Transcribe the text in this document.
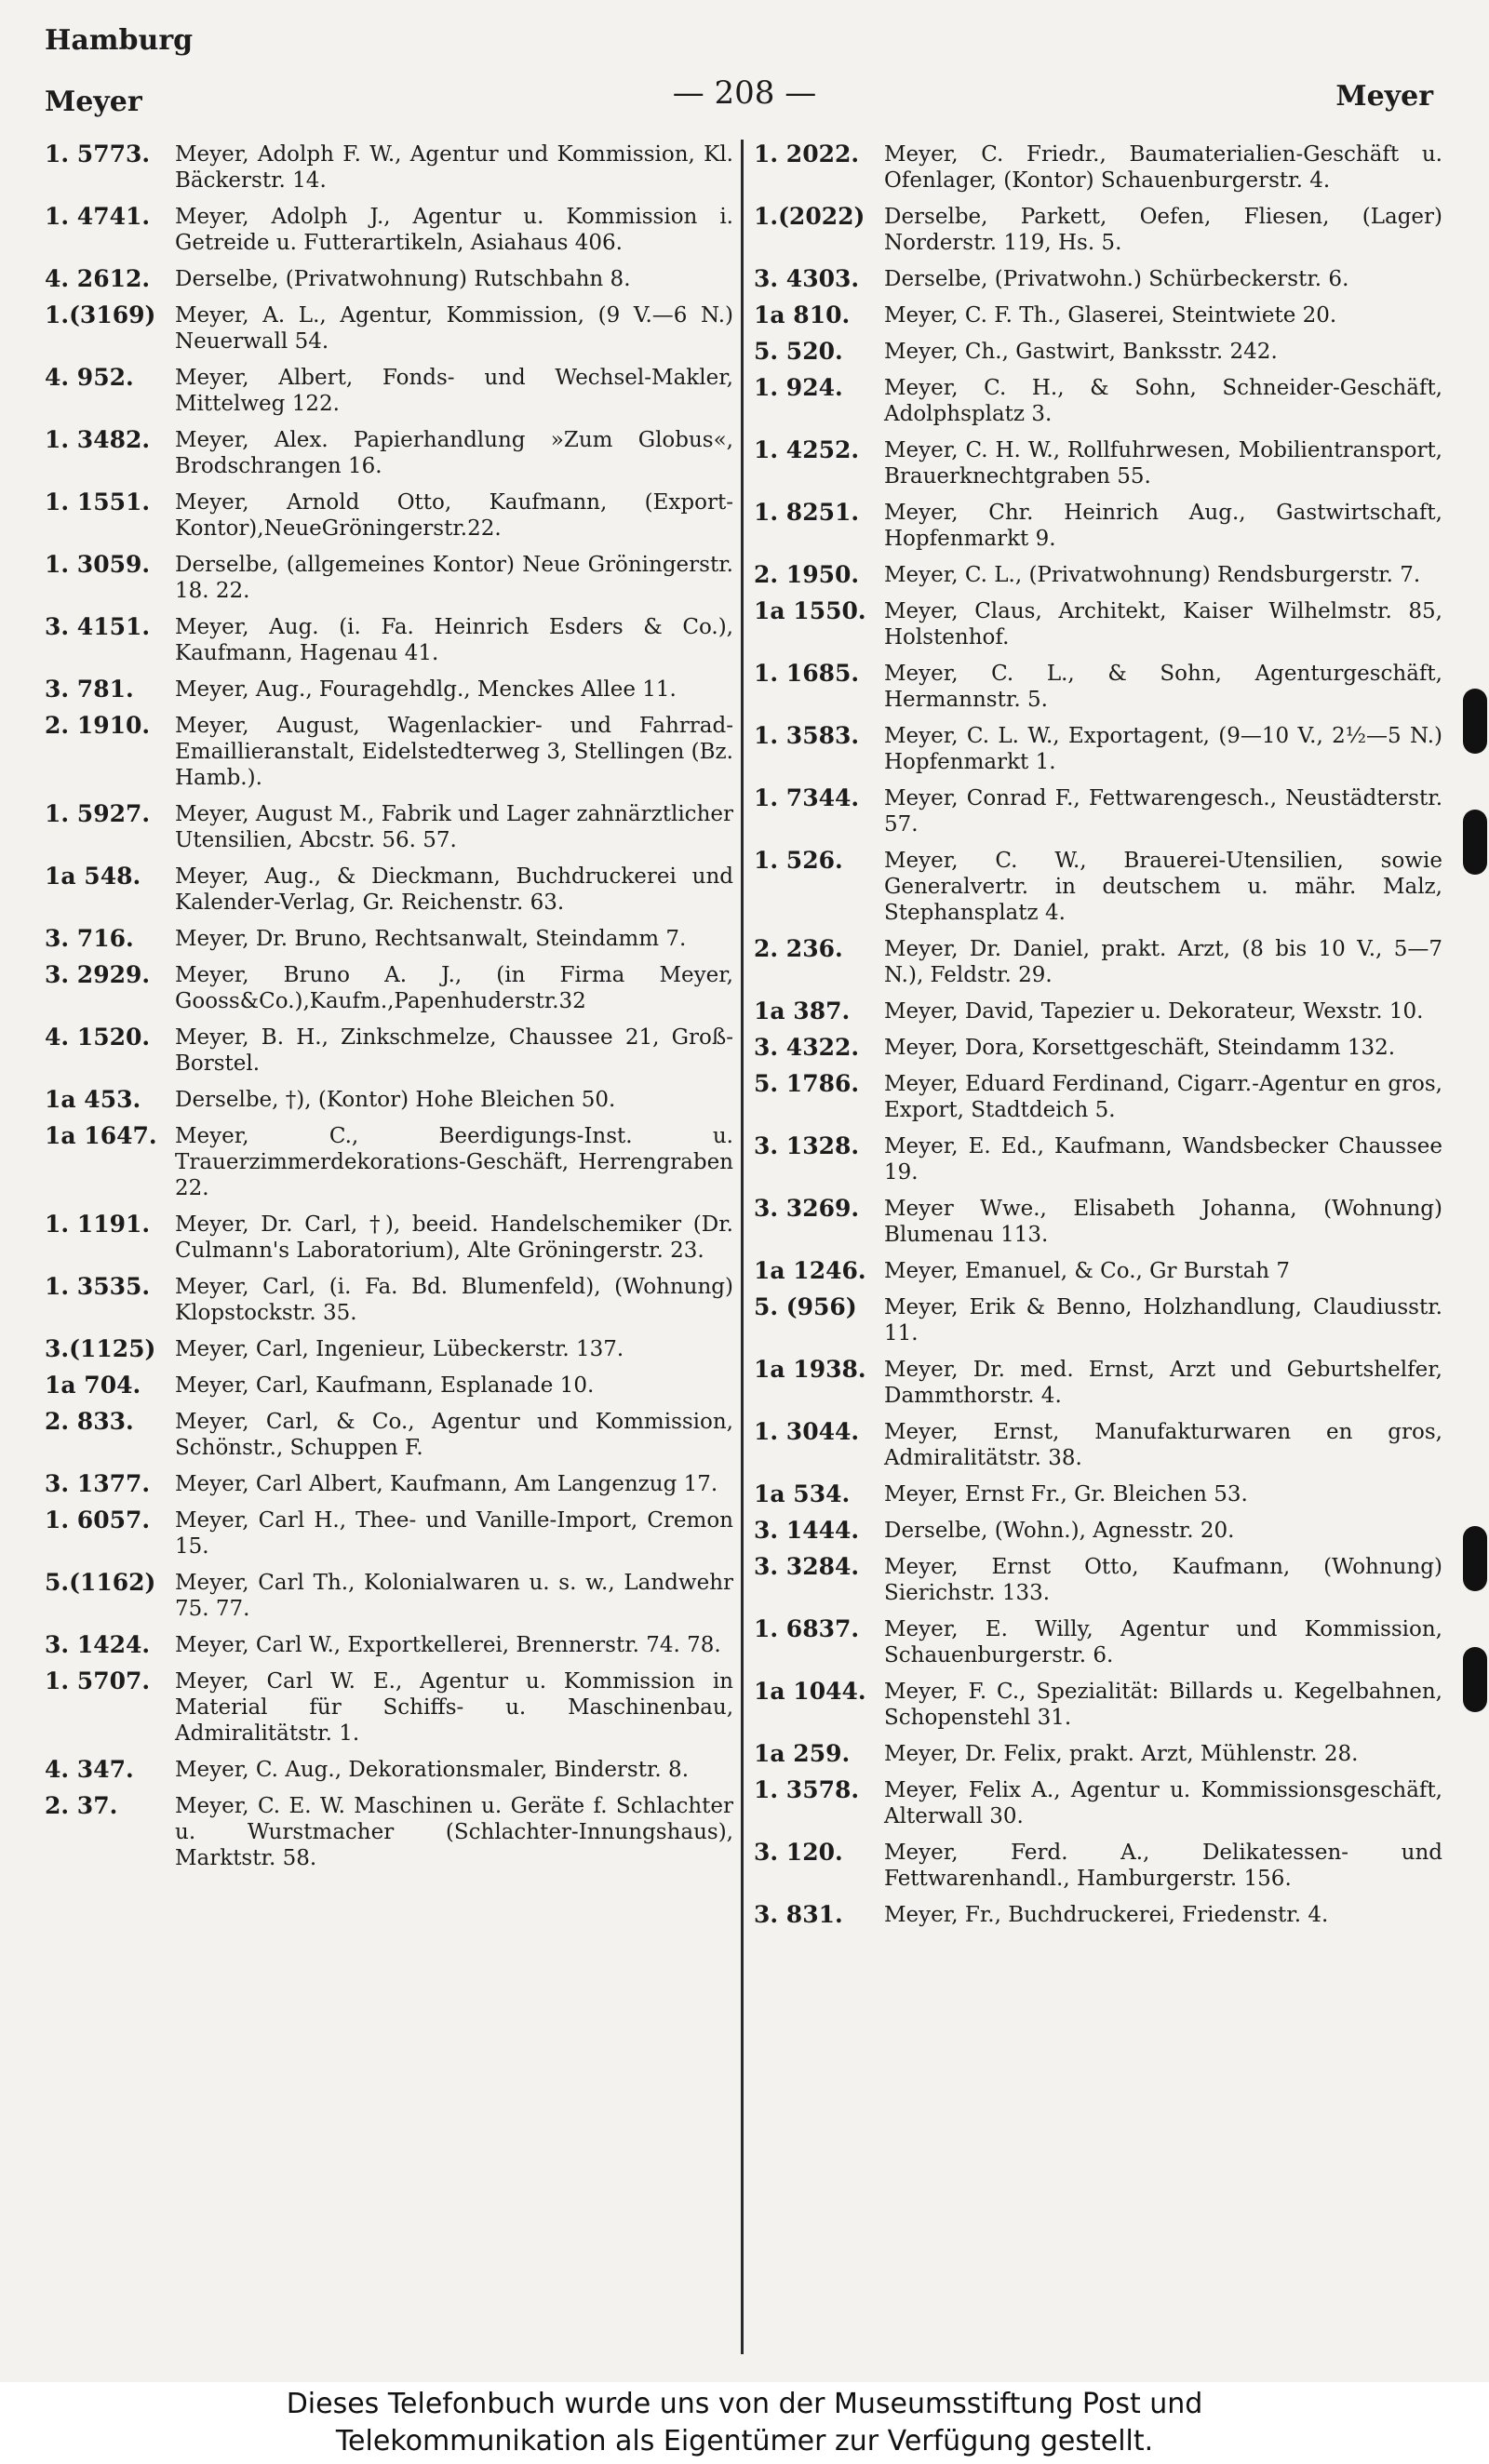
Hamburg
Meyer	— 208 —	Meyer
1. 5773.	Meyer, Adolph F. W., Agentur und Kommission, Kl. Bäckerstr. 14.
1. 4741.	Meyer, Adolph J., Agentur u. Kommission i. Getreide u. Futterartikeln, Asiahaus 406.
4. 2612.	Derselbe, (Privatwohnung) Rutschbahn 8.
1.(3169) Meyer, A. L., Agentur, Kommission, (9 V.—6 N.) Neuerwall 54.
4. 952.	Meyer, Albert, Fonds- und Wechsel-Makler, Mittelweg 122.
1. 3482.	Meyer, Alex. Papierhandlung »Zum Globus«, Brodschrangen 16.
1. 1551.	Meyer, Arnold Otto, Kaufmann, (Export-Kontor),NeueGröningerstr.22.
1. 3059.	Derselbe, (allgemeines Kontor) Neue Gröningerstr. 18. 22.
3. 4151.	Meyer, Aug. (i. Fa. Heinrich Esders & Co.), Kaufmann, Hagenau 41.
3. 781.	Meyer, Aug., Fouragehdlg., Menckes Allee 11.
2. 1910.	Meyer, August, Wagenlackier- und Fahrrad-Emaillieranstalt, Eidelstedterweg 3, Stellingen (Bz. Hamb.).
1. 5927.	Meyer, August M., Fabrik und Lager zahnärztlicher Utensilien, Abcstr. 56. 57.
1a 548.	Meyer, Aug., & Dieckmann, Buchdruckerei und Kalender-Verlag, Gr. Reichenstr. 63.
3. 716.	Meyer, Dr. Bruno, Rechtsanwalt, Steindamm 7.
3. 2929.	Meyer, Bruno A. J., (in Firma Meyer, Gooss&Co.),Kaufm.,Papenhuderstr.32
4. 1520.	Meyer, B. H., Zinkschmelze, Chaussee 21, Groß-Borstel.
1a 453.	Derselbe, †), (Kontor) Hohe Bleichen 50.
1a 1647. Meyer, C., Beerdigungs-Inst. u. Trauerzimmerdekorations-Geschäft, Herrengraben 22.
1. 1191.	Meyer, Dr. Carl, †), beeid. Handelschemiker (Dr. Culmann's Laboratorium), Alte Gröningerstr. 23.
1. 3535.	Meyer, Carl, (i. Fa. Bd. Blumenfeld), (Wohnung) Klopstockstr. 35.
3.(1125) Meyer, Carl, Ingenieur, Lübeckerstr. 137.
1a 704.	Meyer, Carl, Kaufmann, Esplanade 10.
2. 833.	Meyer, Carl, & Co., Agentur und Kommission, Schönstr., Schuppen F.
3. 1377.	Meyer, Carl Albert, Kaufmann, Am Langenzug 17.
1. 6057.	Meyer, Carl H., Thee- und Vanille-Import, Cremon 15.
5.(1162) Meyer, Carl Th., Kolonialwaren u. s. w., Landwehr 75. 77.
3. 1424.	Meyer, Carl W., Exportkellerei, Brennerstr. 74. 78.
1. 5707.	Meyer, Carl W. E., Agentur u. Kommission in Material für Schiffs- u. Maschinenbau, Admiralitätstr. 1.
4. 347.	Meyer, C. Aug., Dekorationsmaler, Binderstr. 8.
2. 37.	Meyer, C. E. W. Maschinen u. Geräte f. Schlachter u. Wurstmacher (Schlachter-Innungshaus), Marktstr. 58.
1. 2022.	Meyer, C. Friedr., Baumaterialien-Geschäft u. Ofenlager, (Kontor) Schauenburgerstr. 4.
1.(2022) Derselbe, Parkett, Oefen, Fliesen, (Lager) Norderstr. 119, Hs. 5.
3. 4303.	Derselbe, (Privatwohn.) Schürbeckerstr. 6.
1a 810.	Meyer, C. F. Th., Glaserei, Steintwiete 20.
5. 520.	Meyer, Ch., Gastwirt, Banksstr. 242.
1. 924.	Meyer, C. H., & Sohn, Schneider-Geschäft, Adolphsplatz 3.
1. 4252.	Meyer, C. H. W., Rollfuhrwesen, Mobilientransport, Brauerknechtgraben 55.
1. 8251.	Meyer, Chr. Heinrich Aug., Gastwirtschaft, Hopfenmarkt 9.
2. 1950.	Meyer, C. L., (Privatwohnung) Rendsburgerstr. 7.
1a 1550. Meyer, Claus, Architekt, Kaiser Wilhelmstr. 85, Holstenhof.
1. 1685.	Meyer, C. L., & Sohn, Agenturgeschäft, Hermannstr. 5.
1. 3583.	Meyer, C. L. W., Exportagent, (9—10 V., 2½—5 N.) Hopfenmarkt 1.
1. 7344.	Meyer, Conrad F., Fettwarengesch., Neustädterstr. 57.
1. 526.	Meyer, C. W., Brauerei-Utensilien, sowie Generalvertr. in deutschem u. mähr. Malz, Stephansplatz 4.
2. 236.	Meyer, Dr. Daniel, prakt. Arzt, (8 bis 10 V., 5—7 N.), Feldstr. 29.
1a 387.	Meyer, David, Tapezier u. Dekorateur, Wexstr. 10.
3. 4322.	Meyer, Dora, Korsettgeschäft, Steindamm 132.
5. 1786.	Meyer, Eduard Ferdinand, Cigarr.-Agentur en gros, Export, Stadtdeich 5.
3. 1328.	Meyer, E. Ed., Kaufmann, Wandsbecker Chaussee 19.
3. 3269.	Meyer Wwe., Elisabeth Johanna, (Wohnung) Blumenau 113.
1a 1246. Meyer, Emanuel, & Co., Gr Burstah 7
5. (956)	Meyer, Erik & Benno, Holzhandlung, Claudiusstr. 11.
1a 1938. Meyer, Dr. med. Ernst, Arzt und Geburtshelfer, Dammthorstr. 4.
1. 3044.	Meyer, Ernst, Manufakturwaren en gros, Admiralitätstr. 38.
1a 534.	Meyer, Ernst Fr., Gr. Bleichen 53.
3. 1444.	Derselbe, (Wohn.), Agnesstr. 20.
3. 3284.	Meyer, Ernst Otto, Kaufmann, (Wohnung) Sierichstr. 133.
1. 6837.	Meyer, E. Willy, Agentur und Kommission, Schauenburgerstr. 6.
1a 1044. Meyer, F. C., Spezialität: Billards u. Kegelbahnen, Schopenstehl 31.
1a 259.	Meyer, Dr. Felix, prakt. Arzt, Mühlenstr. 28.
1. 3578.	Meyer, Felix A., Agentur u. Kommissionsgeschäft, Alterwall 30.
3. 120.	Meyer, Ferd. A., Delikatessen- und Fettwarenhandl., Hamburgerstr. 156.
3. 831.	Meyer, Fr., Buchdruckerei, Friedenstr. 4.
Dieses Telefonbuch wurde uns von der Museumsstiftung Post und
Telekommunikation als Eigentümer zur Verfügung gestellt.
